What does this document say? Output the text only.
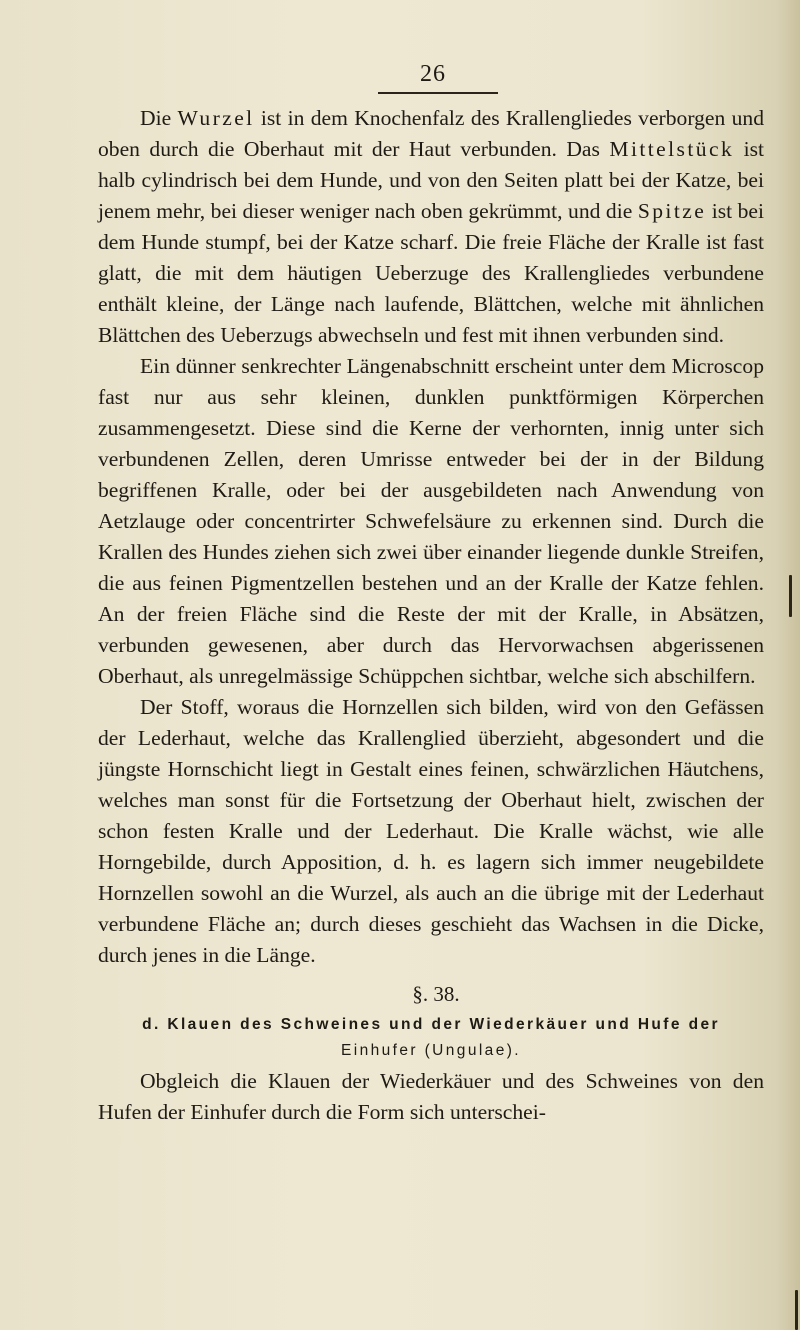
26

Die Wurzel ist in dem Knochenfalz des Krallengliedes verborgen und oben durch die Oberhaut mit der Haut verbunden. Das Mittelstück ist halb cylindrisch bei dem Hunde, und von den Seiten platt bei der Katze, bei jenem mehr, bei dieser weniger nach oben gekrümmt, und die Spitze ist bei dem Hunde stumpf, bei der Katze scharf. Die freie Fläche der Kralle ist fast glatt, die mit dem häutigen Ueberzuge des Krallengliedes verbundene enthält kleine, der Länge nach laufende, Blättchen, welche mit ähnlichen Blättchen des Ueberzugs abwechseln und fest mit ihnen verbunden sind.

Ein dünner senkrechter Längenabschnitt erscheint unter dem Microscop fast nur aus sehr kleinen, dunklen punktförmigen Körperchen zusammengesetzt. Diese sind die Kerne der verhornten, innig unter sich verbundenen Zellen, deren Umrisse entweder bei der in der Bildung begriffenen Kralle, oder bei der ausgebildeten nach Anwendung von Aetzlauge oder concentrirter Schwefelsäure zu erkennen sind. Durch die Krallen des Hundes ziehen sich zwei über einander liegende dunkle Streifen, die aus feinen Pigmentzellen bestehen und an der Kralle der Katze fehlen. An der freien Fläche sind die Reste der mit der Kralle, in Absätzen, verbunden gewesenen, aber durch das Hervorwachsen abgerissenen Oberhaut, als unregelmässige Schüppchen sichtbar, welche sich abschilfern.

Der Stoff, woraus die Hornzellen sich bilden, wird von den Gefässen der Lederhaut, welche das Krallenglied überzieht, abgesondert und die jüngste Hornschicht liegt in Gestalt eines feinen, schwärzlichen Häutchens, welches man sonst für die Fortsetzung der Oberhaut hielt, zwischen der schon festen Kralle und der Lederhaut. Die Kralle wächst, wie alle Horngebilde, durch Apposition, d. h. es lagern sich immer neugebildete Hornzellen sowohl an die Wurzel, als auch an die übrige mit der Lederhaut verbundene Fläche an; durch dieses geschieht das Wachsen in die Dicke, durch jenes in die Länge.

§. 38.
d. Klauen des Schweines und der Wiederkäuer und Hufe der
Einhufer (Ungulae).

Obgleich die Klauen der Wiederkäuer und des Schweines von den Hufen der Einhufer durch die Form sich unterschei-
